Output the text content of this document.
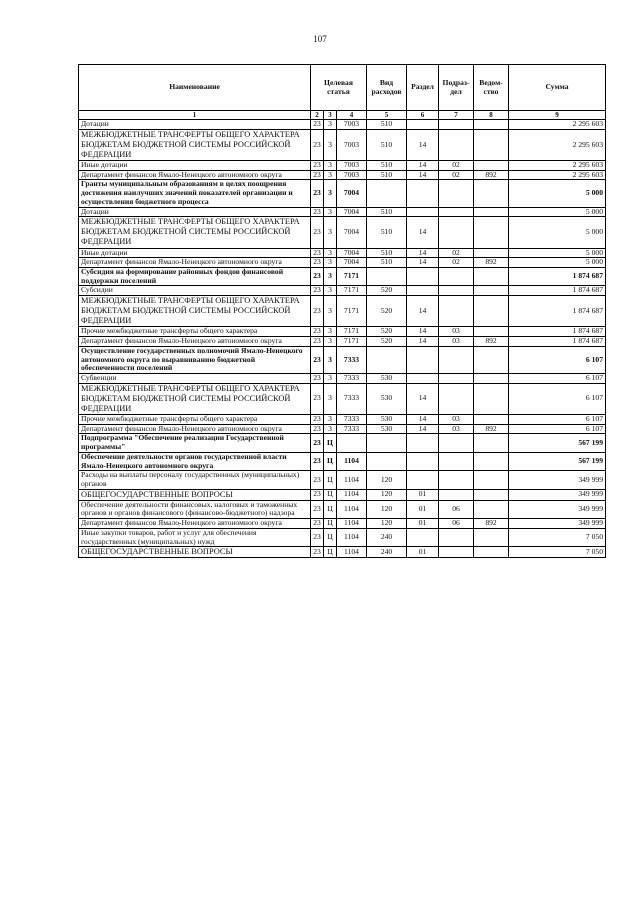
107
Наименование	Целевая статья			Вид расходов	Раздел	Подраз-дел	Ведом-ство	Сумма
1	2	3	4	5	6	7	8	9
Дотации	23	3	7003	510				2 295 603
МЕЖБЮДЖЕТНЫЕ ТРАНСФЕРТЫ ОБЩЕГО ХАРАКТЕРА БЮДЖЕТАМ БЮДЖЕТНОЙ СИСТЕМЫ РОССИЙСКОЙ ФЕДЕРАЦИИ	23	3	7003	510	14			2 295 603
Иные дотации	23	3	7003	510	14	02		2 295 603
Департамент финансов Ямало-Ненецкого автономного округа	23	3	7003	510	14	02	892	2 295 603
Гранты муниципальным образованиям в целях поощрения достижения наилучших значений показателей организации и осуществления бюджетного процесса	23	3	7004					5 000
Дотации	23	3	7004	510				5 000
МЕЖБЮДЖЕТНЫЕ ТРАНСФЕРТЫ ОБЩЕГО ХАРАКТЕРА БЮДЖЕТАМ БЮДЖЕТНОЙ СИСТЕМЫ РОССИЙСКОЙ ФЕДЕРАЦИИ	23	3	7004	510	14			5 000
Иные дотации	23	3	7004	510	14	02		5 000
Департамент финансов Ямало-Ненецкого автономного округа	23	3	7004	510	14	02	892	5 000
Субсидия на формирование районных фондов финансовой поддержки поселений	23	3	7171					1 874 687
Субсидии	23	3	7171	520				1 874 687
МЕЖБЮДЖЕТНЫЕ ТРАНСФЕРТЫ ОБЩЕГО ХАРАКТЕРА БЮДЖЕТАМ БЮДЖЕТНОЙ СИСТЕМЫ РОССИЙСКОЙ ФЕДЕРАЦИИ	23	3	7171	520	14			1 874 687
Прочие межбюджетные трансферты общего характера	23	3	7171	520	14	03		1 874 687
Департамент финансов Ямало-Ненецкого автономного округа	23	3	7171	520	14	03	892	1 874 687
Осуществление государственных полномочий Ямало-Ненецкого автономного округа по выравниванию бюджетной обеспеченности поселений	23	3	7333					6 107
Субвенции	23	3	7333	530				6 107
МЕЖБЮДЖЕТНЫЕ ТРАНСФЕРТЫ ОБЩЕГО ХАРАКТЕРА БЮДЖЕТАМ БЮДЖЕТНОЙ СИСТЕМЫ РОССИЙСКОЙ ФЕДЕРАЦИИ	23	3	7333	530	14			6 107
Прочие межбюджетные трансферты общего характера	23	3	7333	530	14	03		6 107
Департамент финансов Ямало-Ненецкого автономного округа	23	3	7333	530	14	03	892	6 107
Подпрограмма "Обеспечение реализации Государственной программы"	23	Ц						567 199
Обеспечение деятельности органов государственной власти Ямало-Ненецкого автономного округа	23	Ц	1104					567 199
Расходы на выплаты персоналу государственных (муниципальных) органов	23	Ц	1104	120				349 999
ОБЩЕГОСУДАРСТВЕННЫЕ ВОПРОСЫ	23	Ц	1104	120	01			349 999
Обеспечение деятельности финансовых, налоговых и таможенных органов и органов финансового (финансово-бюджетного) надзора	23	Ц	1104	120	01	06		349 999
Департамент финансов Ямало-Ненецкого автономного округа	23	Ц	1104	120	01	06	892	349 999
Иные закупки товаров, работ и услуг для обеспечения государственных (муниципальных) нужд	23	Ц	1104	240				7 050
ОБЩЕГОСУДАРСТВЕННЫЕ ВОПРОСЫ	23	Ц	1104	240	01			7 050
